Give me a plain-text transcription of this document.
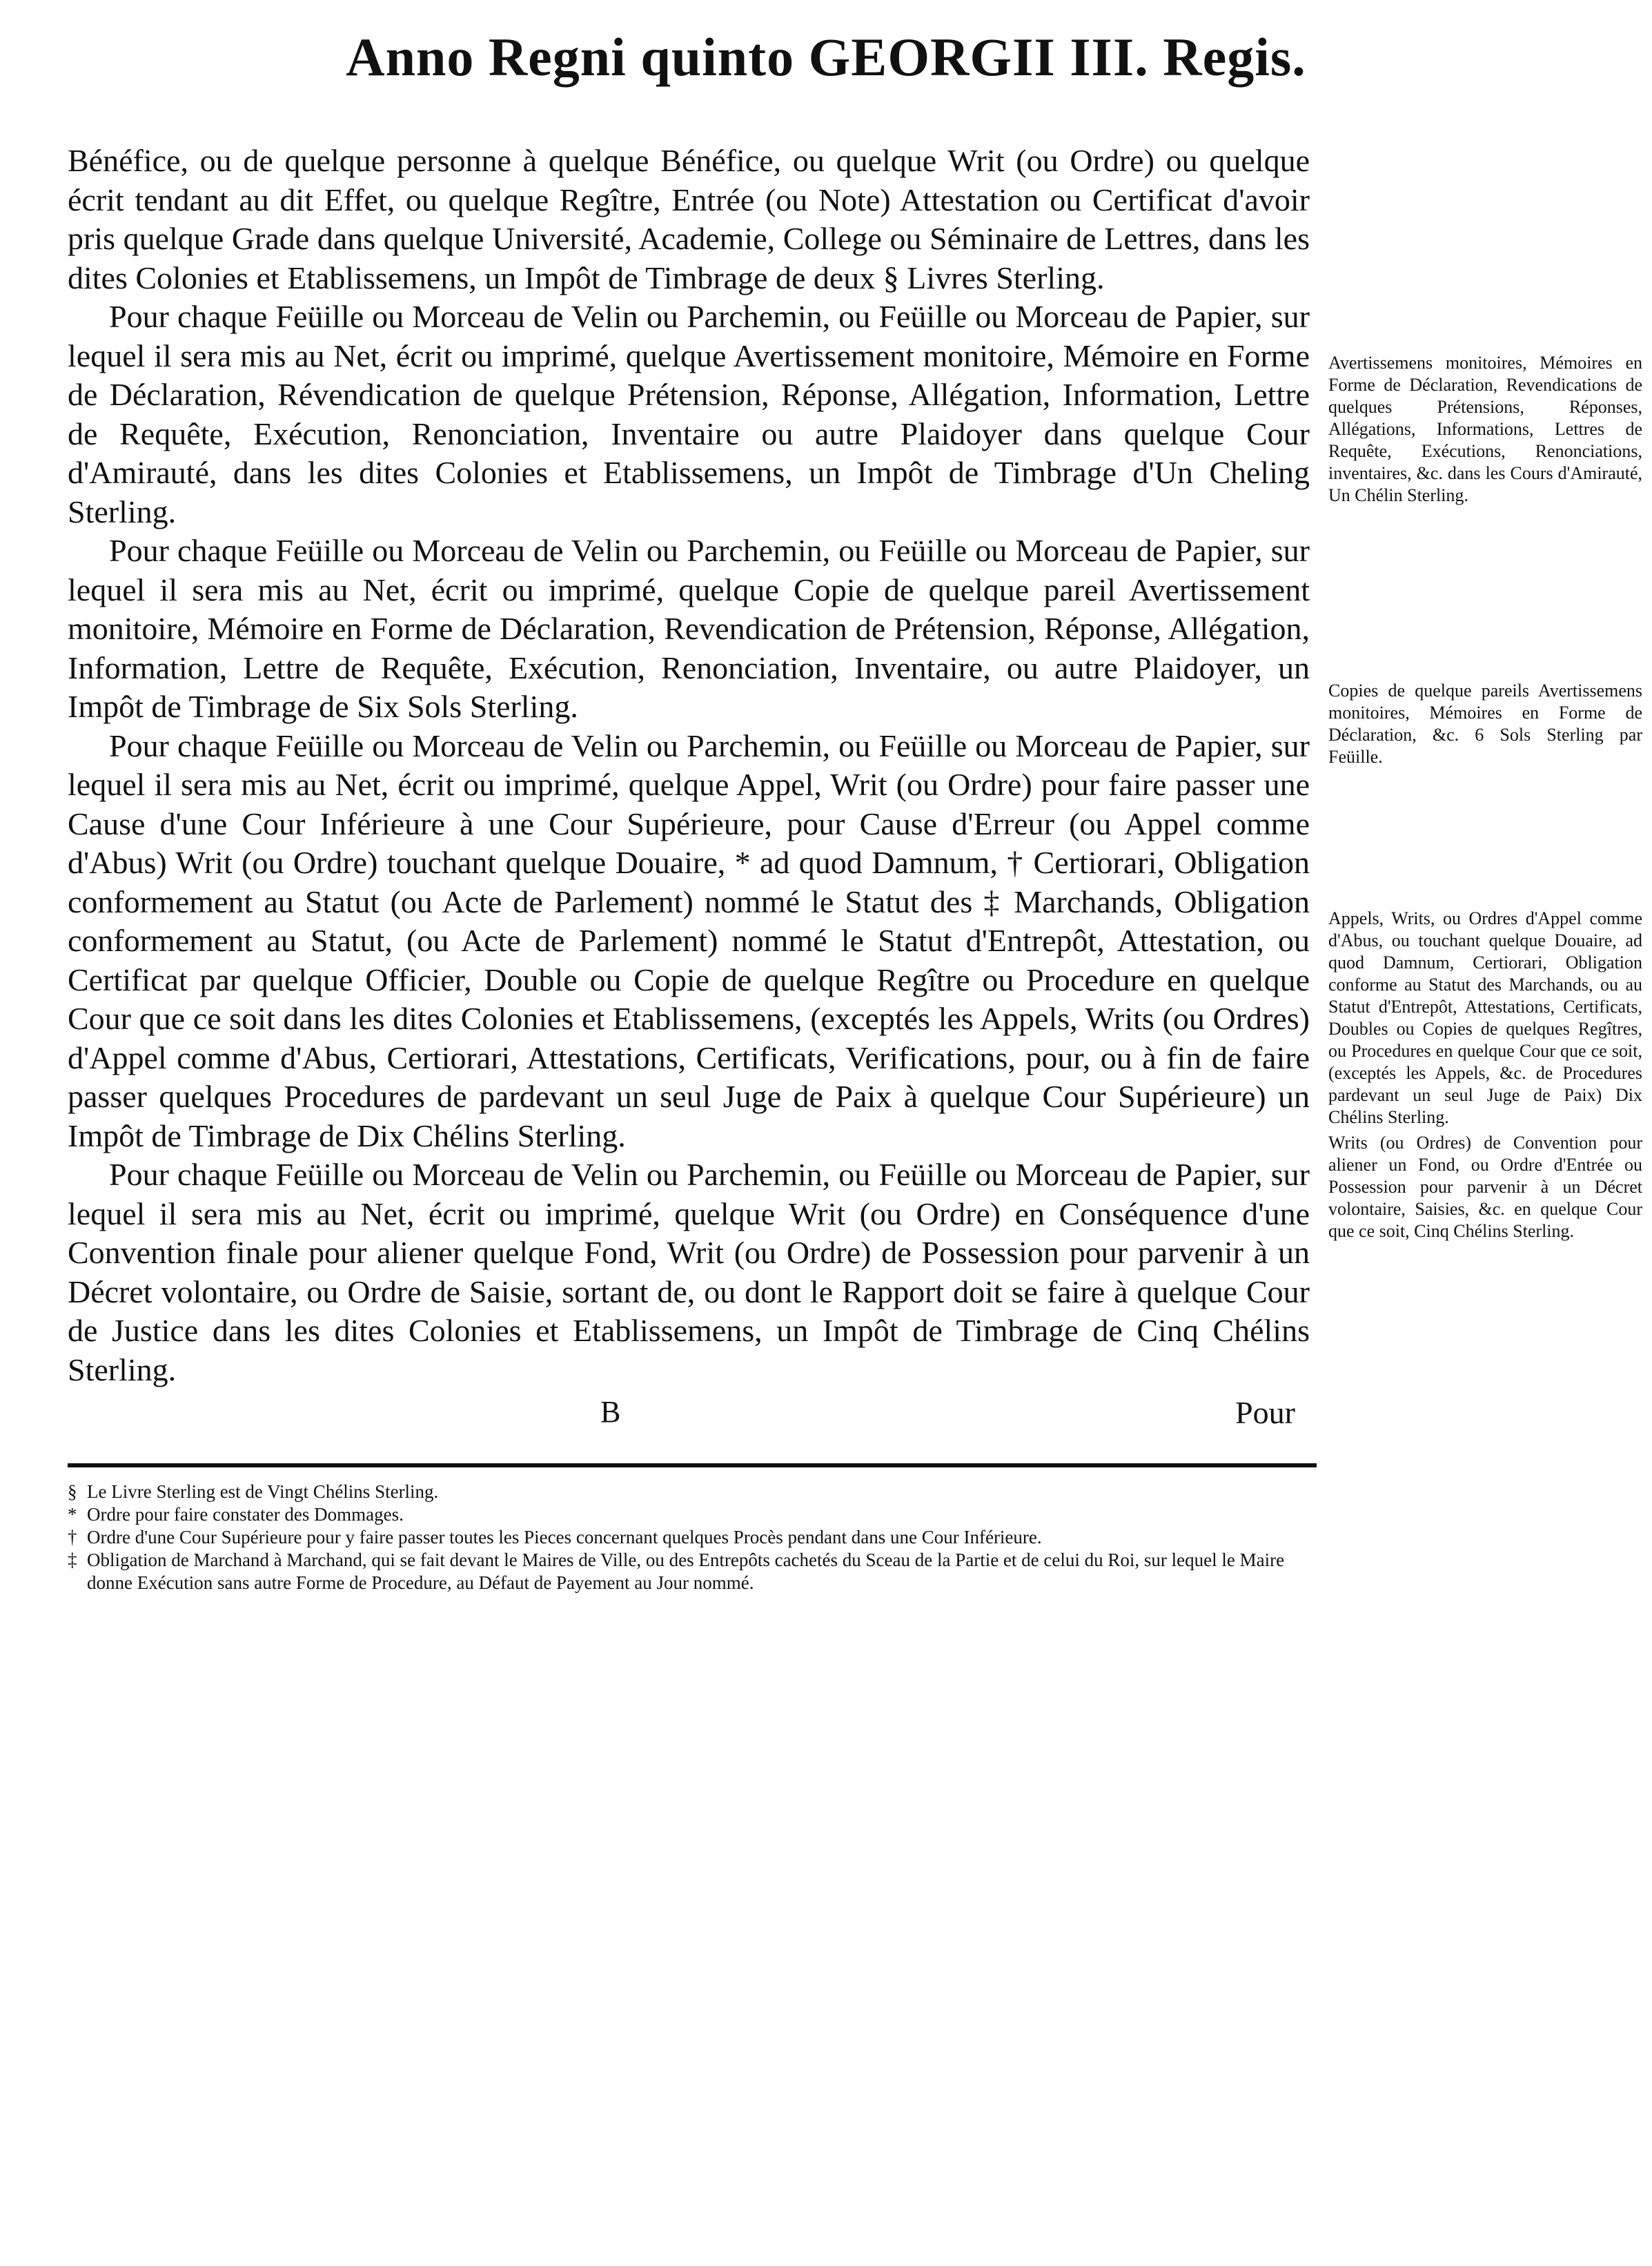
Anno Regni quinto GEORGII III. Regis.

Bénéfice, ou de quelque personne à quelque Bénéfice, ou quelque Writ (ou Ordre) ou quelque écrit tendant au dit Effet, ou quelque Regître, Entrée (ou Note) Attestation ou Certificat d'avoir pris quelque Grade dans quelque Université, Academie, College ou Séminaire de Lettres, dans les dites Colonies et Etablissemens, un Impôt de Timbrage de deux § Livres Sterling.

Pour chaque Feüille ou Morceau de Velin ou Parchemin, ou Feüille ou Morceau de Papier, sur lequel il sera mis au Net, écrit ou imprimé, quelque Avertissement monitoire, Mémoire en Forme de Déclaration, Révendication de quelque Prétension, Réponse, Allégation, Information, Lettre de Requête, Exécution, Renonciation, Inventaire ou autre Plaidoyer dans quelque Cour d'Amirauté, dans les dites Colonies et Etablissemens, un Impôt de Timbrage d'Un Cheling Sterling.

Pour chaque Feüille ou Morceau de Velin ou Parchemin, ou Feüille ou Morceau de Papier, sur lequel il sera mis au Net, écrit ou imprimé, quelque Copie de quelque pareil Avertissement monitoire, Mémoire en Forme de Déclaration, Revendication de Prétension, Réponse, Allégation, Information, Lettre de Requête, Exécution, Renonciation, Inventaire, ou autre Plaidoyer, un Impôt de Timbrage de Six Sols Sterling.

Pour chaque Feüille ou Morceau de Velin ou Parchemin, ou Feüille ou Morceau de Papier, sur lequel il sera mis au Net, écrit ou imprimé, quelque Appel, Writ (ou Ordre) pour faire passer une Cause d'une Cour Inférieure à une Cour Supérieure, pour Cause d'Erreur (ou Appel comme d'Abus) Writ (ou Ordre) touchant quelque Douaire, * ad quod Damnum, † Certiorari, Obligation conformement au Statut (ou Acte de Parlement) nommé le Statut des ‡ Marchands, Obligation conformement au Statut, (ou Acte de Parlement) nommé le Statut d'Entrepôt, Attestation, ou Certificat par quelque Officier, Double ou Copie de quelque Regître ou Procedure en quelque Cour que ce soit dans les dites Colonies et Etablissemens, (exceptés les Appels, Writs (ou Ordres) d'Appel comme d'Abus, Certiorari, Attestations, Certificats, Verifications, pour, ou à fin de faire passer quelques Procedures de pardevant un seul Juge de Paix à quelque Cour Supérieure) un Impôt de Timbrage de Dix Chélins Sterling.

Pour chaque Feüille ou Morceau de Velin ou Parchemin, ou Feüille ou Morceau de Papier, sur lequel il sera mis au Net, écrit ou imprimé, quelque Writ (ou Ordre) en Conséquence d'une Convention finale pour aliener quelque Fond, Writ (ou Ordre) de Possession pour parvenir à un Décret volontaire, ou Ordre de Saisie, sortant de, ou dont le Rapport doit se faire à quelque Cour de Justice dans les dites Colonies et Etablissemens, un Impôt de Timbrage de Cinq Chélins Sterling.

Avertissemens monitoires, Mémoires en Forme de Déclaration, Revendications de quelques Prétensions, Réponses, Allégations, Informations, Lettres de Requête, Exécutions, Renonciations, inventaires, &c. dans les Cours d'Amirauté, Un Chélin Sterling.
Copies de quelque pareils Avertissemens monitoires, Mémoires en Forme de Déclaration, &c. 6 Sols Sterling par Feüille.
Appels, Writs, ou Ordres d'Appel comme d'Abus, ou touchant quelque Douaire, ad quod Damnum, Certiorari, Obligation conforme au Statut des Marchands, ou au Statut d'Entrepôt, Attestations, Certificats, Doubles ou Copies de quelques Regîtres, ou Procedures en quelque Cour que ce soit, (exceptés les Appels, &c. de Procedures pardevant un seul Juge de Paix) Dix Chélins Sterling.
Writs (ou Ordres) de Convention pour aliener un Fond, ou Ordre d'Entrée ou Possession pour parvenir à un Décret volontaire, Saisies, &c. en quelque Cour que ce soit, Cinq Chélins Sterling.
B	Pour

§ Le Livre Sterling est de Vingt Chélins Sterling.

* Ordre pour faire constater des Dommages.

† Ordre d'une Cour Supérieure pour y faire passer toutes les Pieces concernant quelques Procès pendant dans une Cour Inférieure.

‡ Obligation de Marchand à Marchand, qui se fait devant le Maires de Ville, ou des Entrepôts cachetés du Sceau de la Partie et de celui du Roi, sur lequel le Maire donne Exécution sans autre Forme de Procedure, au Défaut de Payement au Jour nommé.
